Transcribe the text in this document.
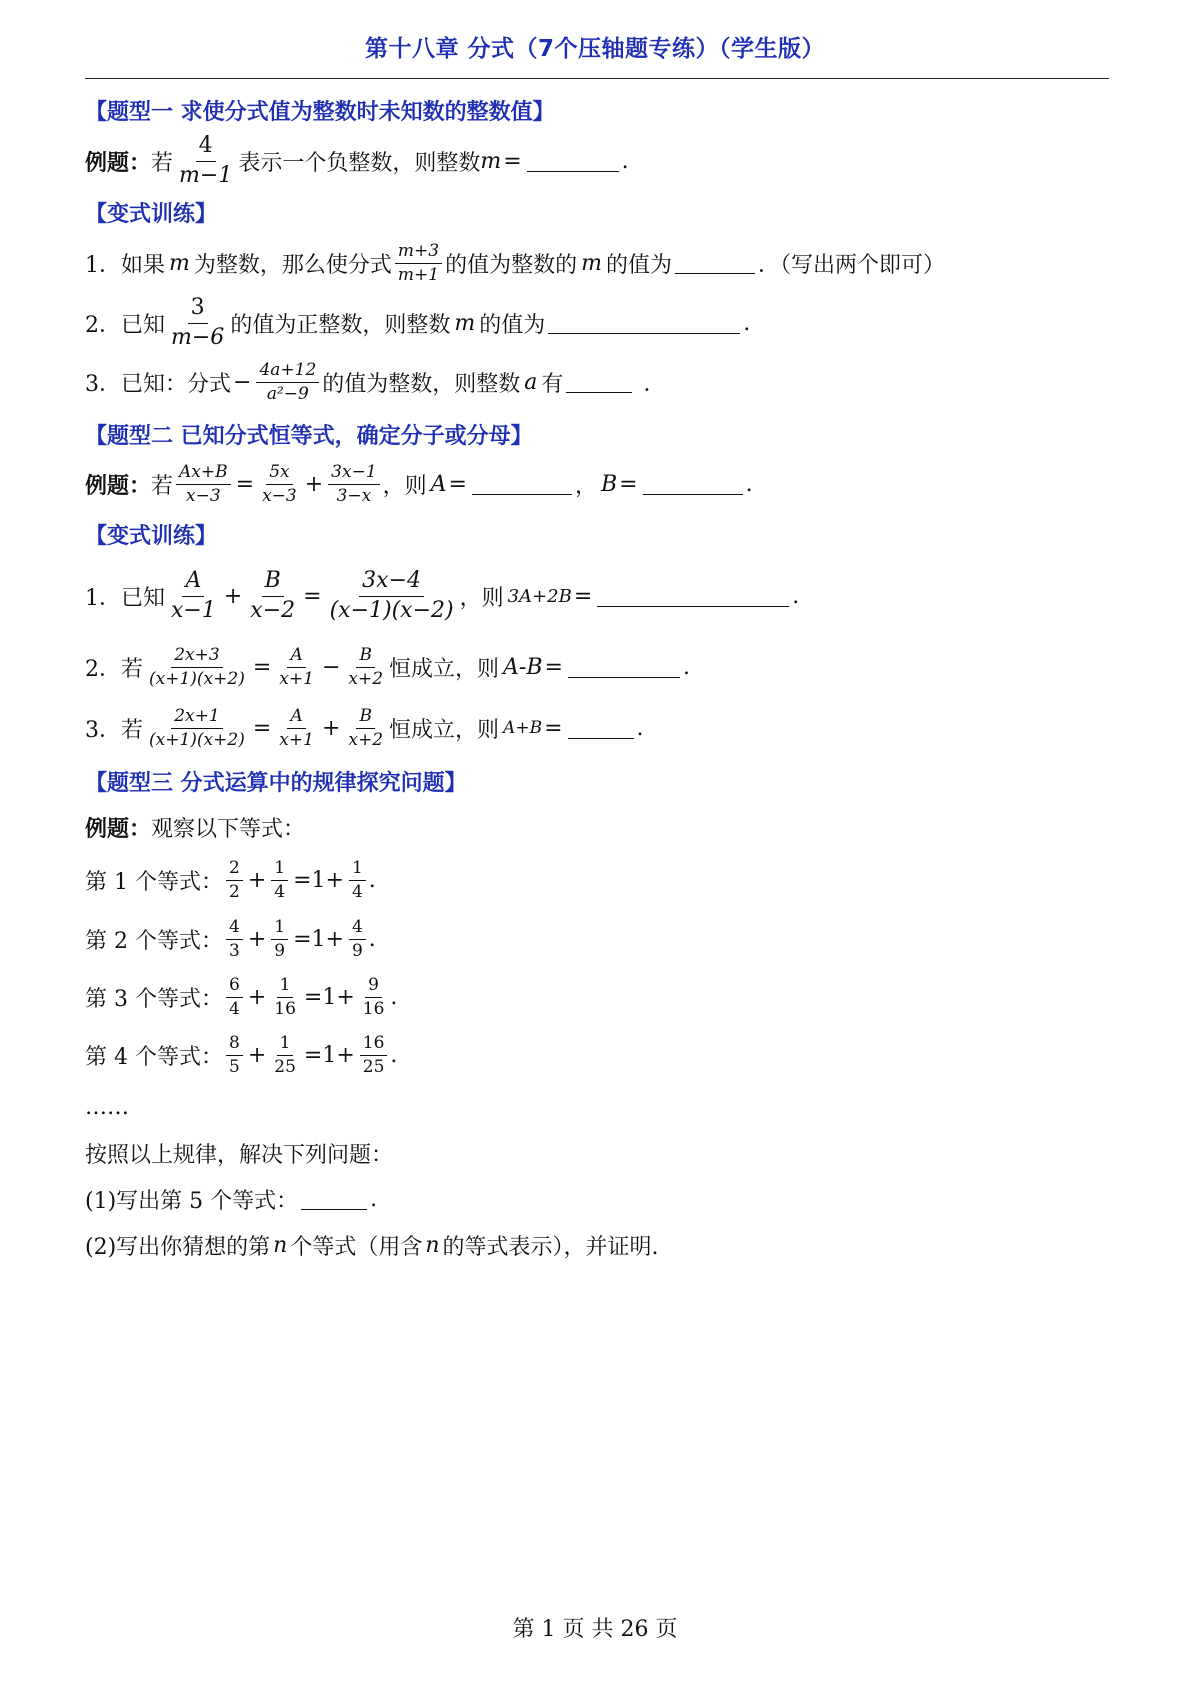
第十八章 分式（7个压轴题专练）（学生版）
【题型一 求使分式值为整数时未知数的整数值】
例题： 若 $\frac{4}{m-1}$ 表示一个负整数，则整数 m =	.
【变式训练】
1． 如果 m 为整数，那么使分式 $\frac{m+3}{m+1}$ 的值为整数的 m 的值为	．（写出两个即可）
2． 已知 $\frac{3}{m-6}$ 的值为正整数，则整数 m 的值为	.
3． 已知：分式 − $\frac{4a+12}{\text{a²−9}}$ 的值为整数，则整数 a 有	．
【题型二 已知分式恒等式，确定分子或分母】
例题： 若 $\frac{Ax+B}{x-3} = \frac{5x}{x-3} + \frac{3x-1}{3-x}$ ，则 A =	， B =	.
【变式训练】
1． 已知 $\frac{A}{x-1} + \frac{B}{x-2} = \frac{3x-4}{(x-1)(x-2)}$ ，则 3A+2B =	.
2． 若 $\frac{2x+3}{(x+1)(x+2)} = \frac{A}{x+1} - \frac{B}{x+2}$ 恒成立，则 A-B =	.
3． 若 $\frac{2x+1}{(x+1)(x+2)} = \frac{A}{x+1} + \frac{B}{x+2}$ 恒成立，则 A+B =	.
【题型三 分式运算中的规律探究问题】
例题： 观察以下等式：
第 1 个等式： $\frac{2}{2} + \frac{1}{4} =1+ \frac{1}{4}$ .
第 2 个等式： $\frac{4}{3} + \frac{1}{9} =1+ \frac{4}{9}$ .
第 3 个等式： $\frac{6}{4} + \frac{1}{16} =1+ \frac{9}{16}$ .
第 4 个等式： $\frac{8}{5} + \frac{1}{25} =1+ \frac{16}{25}$ .
……
按照以上规律，解决下列问题：
(1)写出第 5 个等式：	.
(2)写出你猜想的第 n 个等式（用含 n 的等式表示），并证明.
第 1 页 共 26 页
